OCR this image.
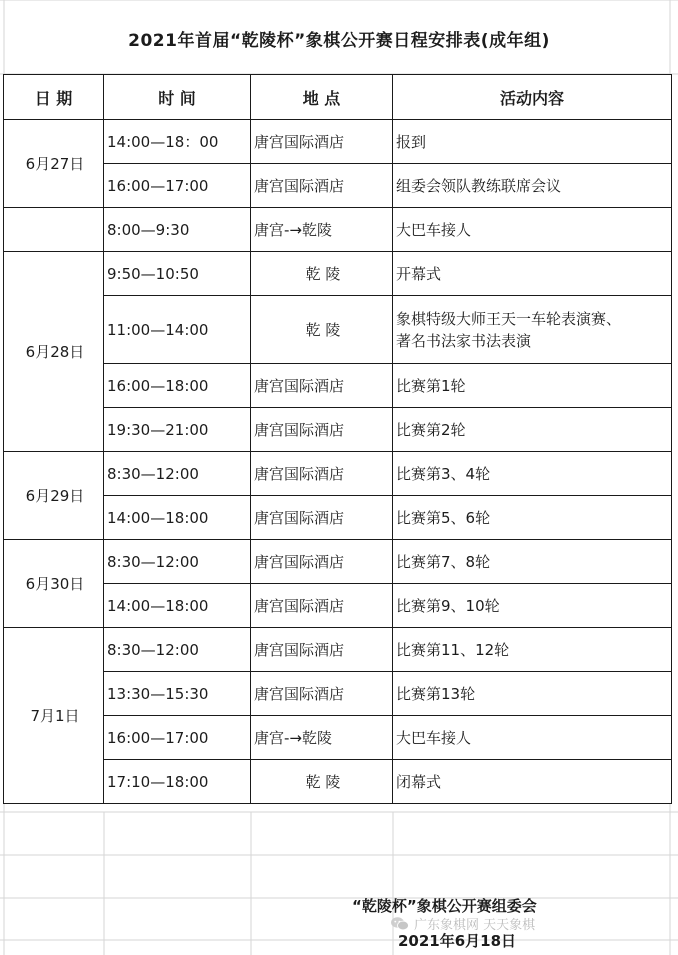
2021年首届“乾陵杯”象棋公开赛日程安排表(成年组)
日 期	时 间	地 点	活动内容
6月27日	14:00—18：00	唐宫国际酒店	报到
	16:00—17:00	唐宫国际酒店	组委会领队教练联席会议
	8:00—9:30	唐宫-→乾陵	大巴车接人
6月28日	9:50—10:50	乾 陵	开幕式
	11:00—14:00	乾 陵	象棋特级大师王天一车轮表演赛、
著名书法家书法表演

	16:00—18:00	唐宫国际酒店	比赛第1轮
	19:30—21:00	唐宫国际酒店	比赛第2轮
6月29日	8:30—12:00	唐宫国际酒店	比赛第3、4轮
	14:00—18:00	唐宫国际酒店	比赛第5、6轮
6月30日	8:30—12:00	唐宫国际酒店	比赛第7、8轮
	14:00—18:00	唐宫国际酒店	比赛第9、10轮
7月1日	8:30—12:00	唐宫国际酒店	比赛第11、12轮
	13:30—15:30	唐宫国际酒店	比赛第13轮
	16:00—17:00	唐宫-→乾陵	大巴车接人
	17:10—18:00	乾 陵	闭幕式
“乾陵杯”象棋公开赛组委会
广东象棋网 天天象棋
2021年6月18日
